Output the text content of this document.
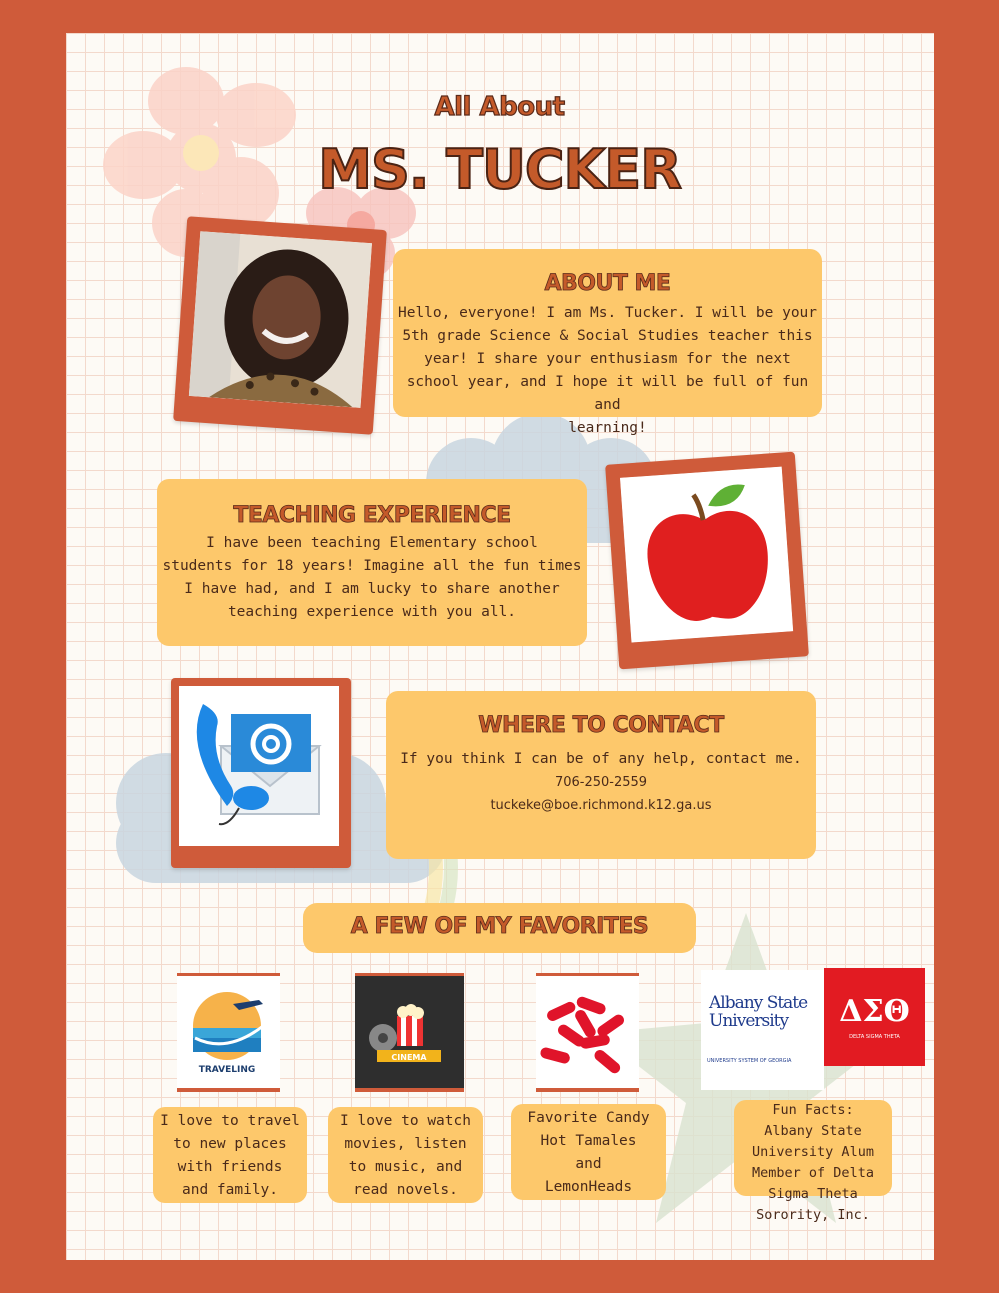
All About
MS. TUCKER
ABOUT ME

Hello, everyone! I am Ms. Tucker. I will be your
5th grade Science & Social Studies teacher this
year! I share your enthusiasm for the next
school year, and I hope it will be full of fun and
learning!

TEACHING EXPERIENCE

I have been teaching Elementary school
students for 18 years! Imagine all the fun times
I have had, and I am lucky to share another
teaching experience with you all.

WHERE TO CONTACT

If you think I can be of any help, contact me.

706-250-2559

tuckeke@boe.richmond.k12.ga.us

A FEW OF MY FAVORITES
TRAVELING
I love to travel
to new places
with friends
and family.
CINEMA
I love to watch
movies, listen
to music, and
read novels.
Favorite Candy
Hot Tamales
and
LemonHeads
Albany State
University
UNIVERSITY SYSTEM OF GEORGIA
ΔΣΘ
DELTA SIGMA THETA
Fun Facts:
Albany State
University Alum
Member of Delta
Sigma Theta
Sorority, Inc.
